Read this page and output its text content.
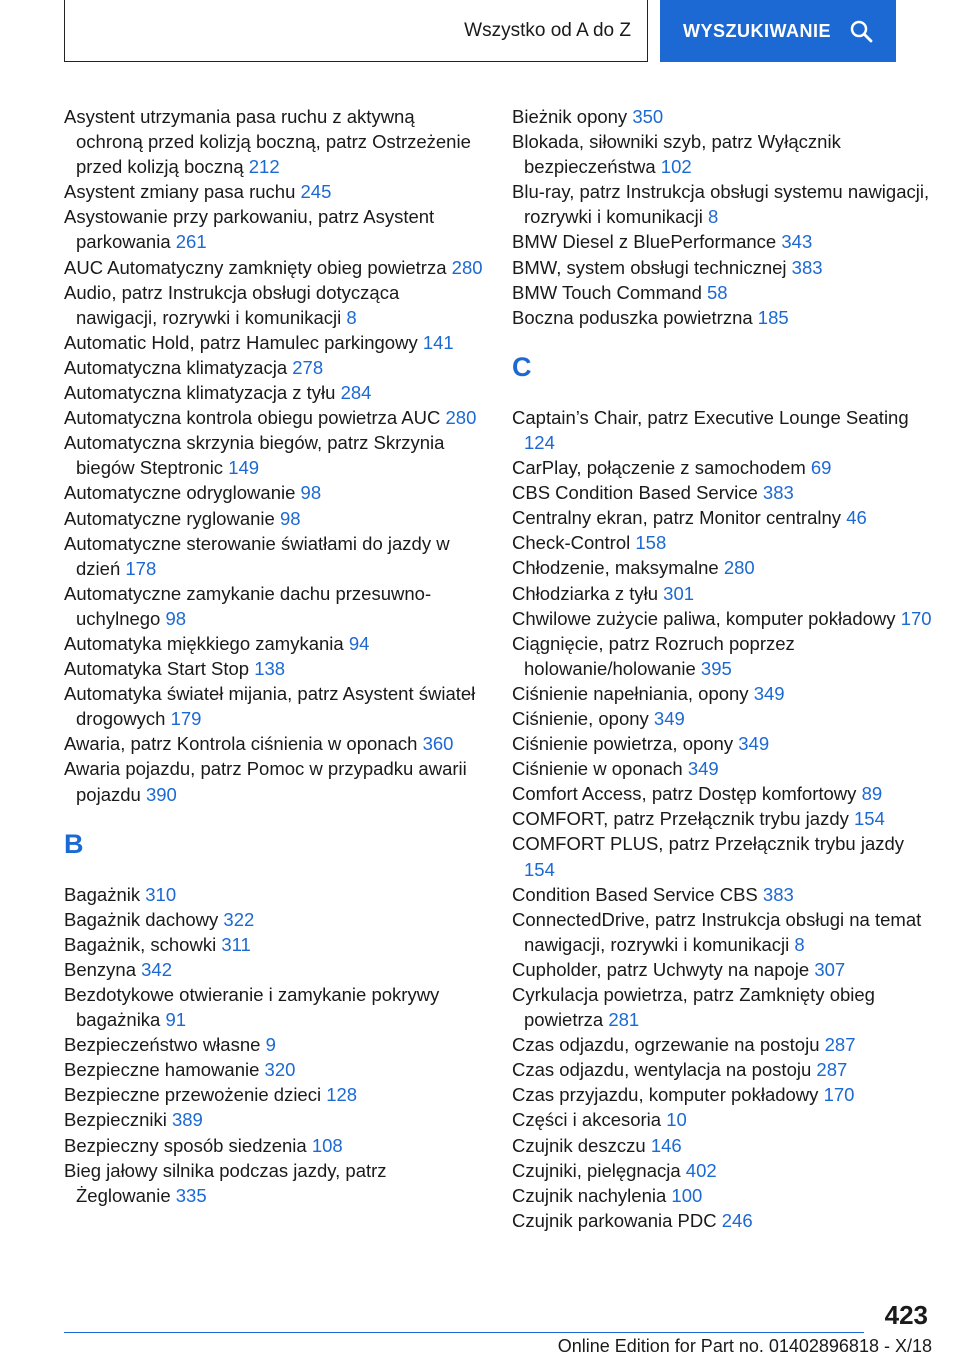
Wszystko od A do Z	WYSZUKIWANIE
Asystent utrzymania pasa ruchu z aktywną ochroną przed kolizją boczną, patrz Ostrzeżenie przed kolizją boczną 212
Asystent zmiany pasa ruchu 245
Asystowanie przy parkowaniu, patrz Asystent parkowania 261
AUC Automatyczny zamknięty obieg powietrza 280
Audio, patrz Instrukcja obsługi dotycząca nawigacji, rozrywki i komunikacji 8
Automatic Hold, patrz Hamulec parkingowy 141
Automatyczna klimatyzacja 278
Automatyczna klimatyzacja z tyłu 284
Automatyczna kontrola obiegu powietrza AUC 280
Automatyczna skrzynia biegów, patrz Skrzynia biegów Steptronic 149
Automatyczne odryglowanie 98
Automatyczne ryglowanie 98
Automatyczne sterowanie światłami do jazdy w dzień 178
Automatyczne zamykanie dachu przesuwno-uchylnego 98
Automatyka miękkiego zamykania 94
Automatyka Start Stop 138
Automatyka świateł mijania, patrz Asystent świateł drogowych 179
Awaria, patrz Kontrola ciśnienia w oponach 360
Awaria pojazdu, patrz Pomoc w przypadku awarii pojazdu 390
B
Bagażnik 310
Bagażnik dachowy 322
Bagażnik, schowki 311
Benzyna 342
Bezdotykowe otwieranie i zamykanie pokrywy bagażnika 91
Bezpieczeństwo własne 9
Bezpieczne hamowanie 320
Bezpieczne przewożenie dzieci 128
Bezpieczniki 389
Bezpieczny sposób siedzenia 108
Bieg jałowy silnika podczas jazdy, patrz Żeglowanie 335
Bieżnik opony 350
Blokada, siłowniki szyb, patrz Wyłącznik bezpieczeństwa 102
Blu-ray, patrz Instrukcja obsługi systemu nawigacji, rozrywki i komunikacji 8
BMW Diesel z BluePerformance 343
BMW, system obsługi technicznej 383
BMW Touch Command 58
Boczna poduszka powietrzna 185
C
Captain’s Chair, patrz Executive Lounge Seating 124
CarPlay, połączenie z samochodem 69
CBS Condition Based Service 383
Centralny ekran, patrz Monitor centralny 46
Check-Control 158
Chłodzenie, maksymalne 280
Chłodziarka z tyłu 301
Chwilowe zużycie paliwa, komputer pokładowy 170
Ciągnięcie, patrz Rozruch poprzez holowanie/holowanie 395
Ciśnienie napełniania, opony 349
Ciśnienie, opony 349
Ciśnienie powietrza, opony 349
Ciśnienie w oponach 349
Comfort Access, patrz Dostęp komfortowy 89
COMFORT, patrz Przełącznik trybu jazdy 154
COMFORT PLUS, patrz Przełącznik trybu jazdy 154
Condition Based Service CBS 383
ConnectedDrive, patrz Instrukcja obsługi na temat nawigacji, rozrywki i komunikacji 8
Cupholder, patrz Uchwyty na napoje 307
Cyrkulacja powietrza, patrz Zamknięty obieg powietrza 281
Czas odjazdu, ogrzewanie na postoju 287
Czas odjazdu, wentylacja na postoju 287
Czas przyjazdu, komputer pokładowy 170
Części i akcesoria 10
Czujnik deszczu 146
Czujniki, pielęgnacja 402
Czujnik nachylenia 100
Czujnik parkowania PDC 246
423
Online Edition for Part no. 01402896818 - X/18
